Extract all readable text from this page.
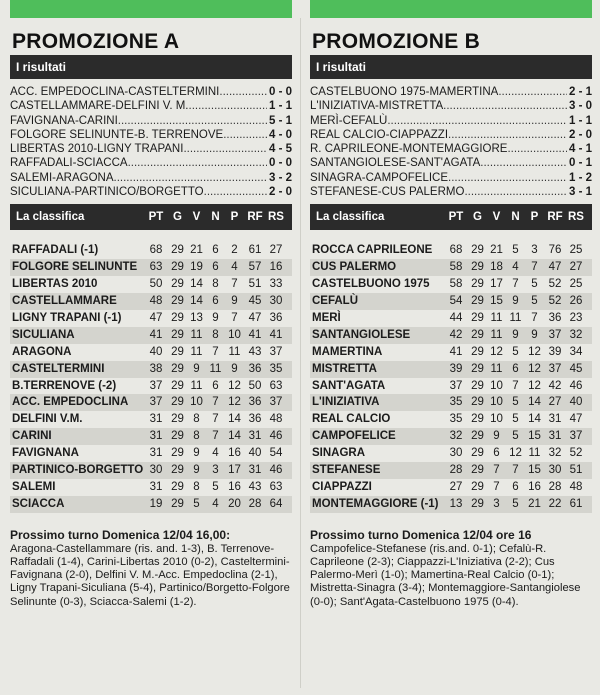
PROMOZIONE A
I risultati
ACC. EMPEDOCLINA-CASTELTERMINI .....	0 - 0
CASTELLAMMARE-DELFINI V. M. .....	1 - 1
FAVIGNANA-CARINI .....	5 - 1
FOLGORE SELINUNTE-B. TERRENOVE .....	4 - 0
LIBERTAS 2010-LIGNY TRAPANI .....	4 - 5
RAFFADALI-SCIACCA .....	0 - 0
SALEMI-ARAGONA .....	3 - 2
SICULIANA-PARTINICO/BORGETTO .....	2 - 0
La classifica	PT G V N P RF RS
RAFFADALI (-1)	68 29 21 6	2 61 27
FOLGORE SELINUNTE	63 29 19 6	4 57 16
LIBERTAS 2010	50 29 14 8	7 51 33
CASTELLAMMARE	48 29 14 6	9 45 30
LIGNY TRAPANI (-1)	47 29 13 9	7 47 36
SICULIANA	41 29 11 8 10 41 41
ARAGONA	40 29 11 7 11 43 37
CASTELTERMINI	38 29 9 11 9 36 35
B.TERRENOVE (-2)	37 29 11 6 12 50 63
ACC. EMPEDOCLINA	37 29 10 7 12 36 37
DELFINI V.M.	31 29 8	7 14 36 48
CARINI	31 29 8	7 14 31 46
FAVIGNANA	31 29 9	4 16 40 54
PARTINICO-BORGETTO 30 29 9	3 17 31 46
SALEMI	31 29 8	5 16 43 63
SCIACCA	19 29 5	4 20 28 64
Prossimo turno Domenica 12/04 16,00:
Aragona-Castellammare (ris. and. 1-3), B. Terrenove-Raffadali (1-4), Carini-Libertas 2010 (0-2), Casteltermini-Favignana (2-0), Delfini V. M.-Acc. Empedoclina (2-1), Ligny Trapani-Siculiana (5-4), Partinico/Borgetto-Folgore Selinunte (0-3), Sciacca-Salemi (1-2).
PROMOZIONE B
I risultati
CASTELBUONO 1975-MAMERTINA .....	2 - 1
L'INIZIATIVA-MISTRETTA .....	3 - 0
MERÌ-CEFALÙ .....	1 - 1
REAL CALCIO-CIAPPAZZI .....	2 - 0
R. CAPRILEONE-MONTEMAGGIORE .....	4 - 1
SANTANGIOLESE-SANT'AGATA .....	0 - 1
SINAGRA-CAMPOFELICE .....	1 - 2
STEFANESE-CUS PALERMO .....	3 - 1
La classifica	PT G V N P RF RS
ROCCA CAPRILEONE	68 29 21 5	3 76 25
CUS PALERMO	58 29 18 4	7 47 27
CASTELBUONO 1975	58 29 17 7	5 52 25
CEFALÙ	54 29 15 9	5 52 26
MERÌ	44 29 11 11 7 36 23
SANTANGIOLESE	42 29 11 9	9 37 32
MAMERTINA	41 29 12 5 12 39 34
MISTRETTA	39 29 11 6 12 37 45
SANT'AGATA	37 29 10 7 12 42 46
L'INIZIATIVA	35 29 10 5 14 27 40
REAL CALCIO	35 29 10 5 14 31 47
CAMPOFELICE	32 29 9	5 15 31 37
SINAGRA	30 29 6 12 11 32 52
STEFANESE	28 29 7	7 15 30 51
CIAPPAZZI	27 29 7	6 16 28 48
MONTEMAGGIORE (-1) 13 29 3	5 21 22 61
Prossimo turno Domenica 12/04 ore 16
Campofelice-Stefanese (ris.and. 0-1); Cefalù-R. Caprileone (2-3); Ciappazzi-L'Iniziativa (2-2); Cus Palermo-Merì (1-0); Mamertina-Real Calcio (0-1); Mistretta-Sinagra (3-4); Montemaggiore-Santangiolese (0-0); Sant'Agata-Castelbuono 1975 (0-4).
